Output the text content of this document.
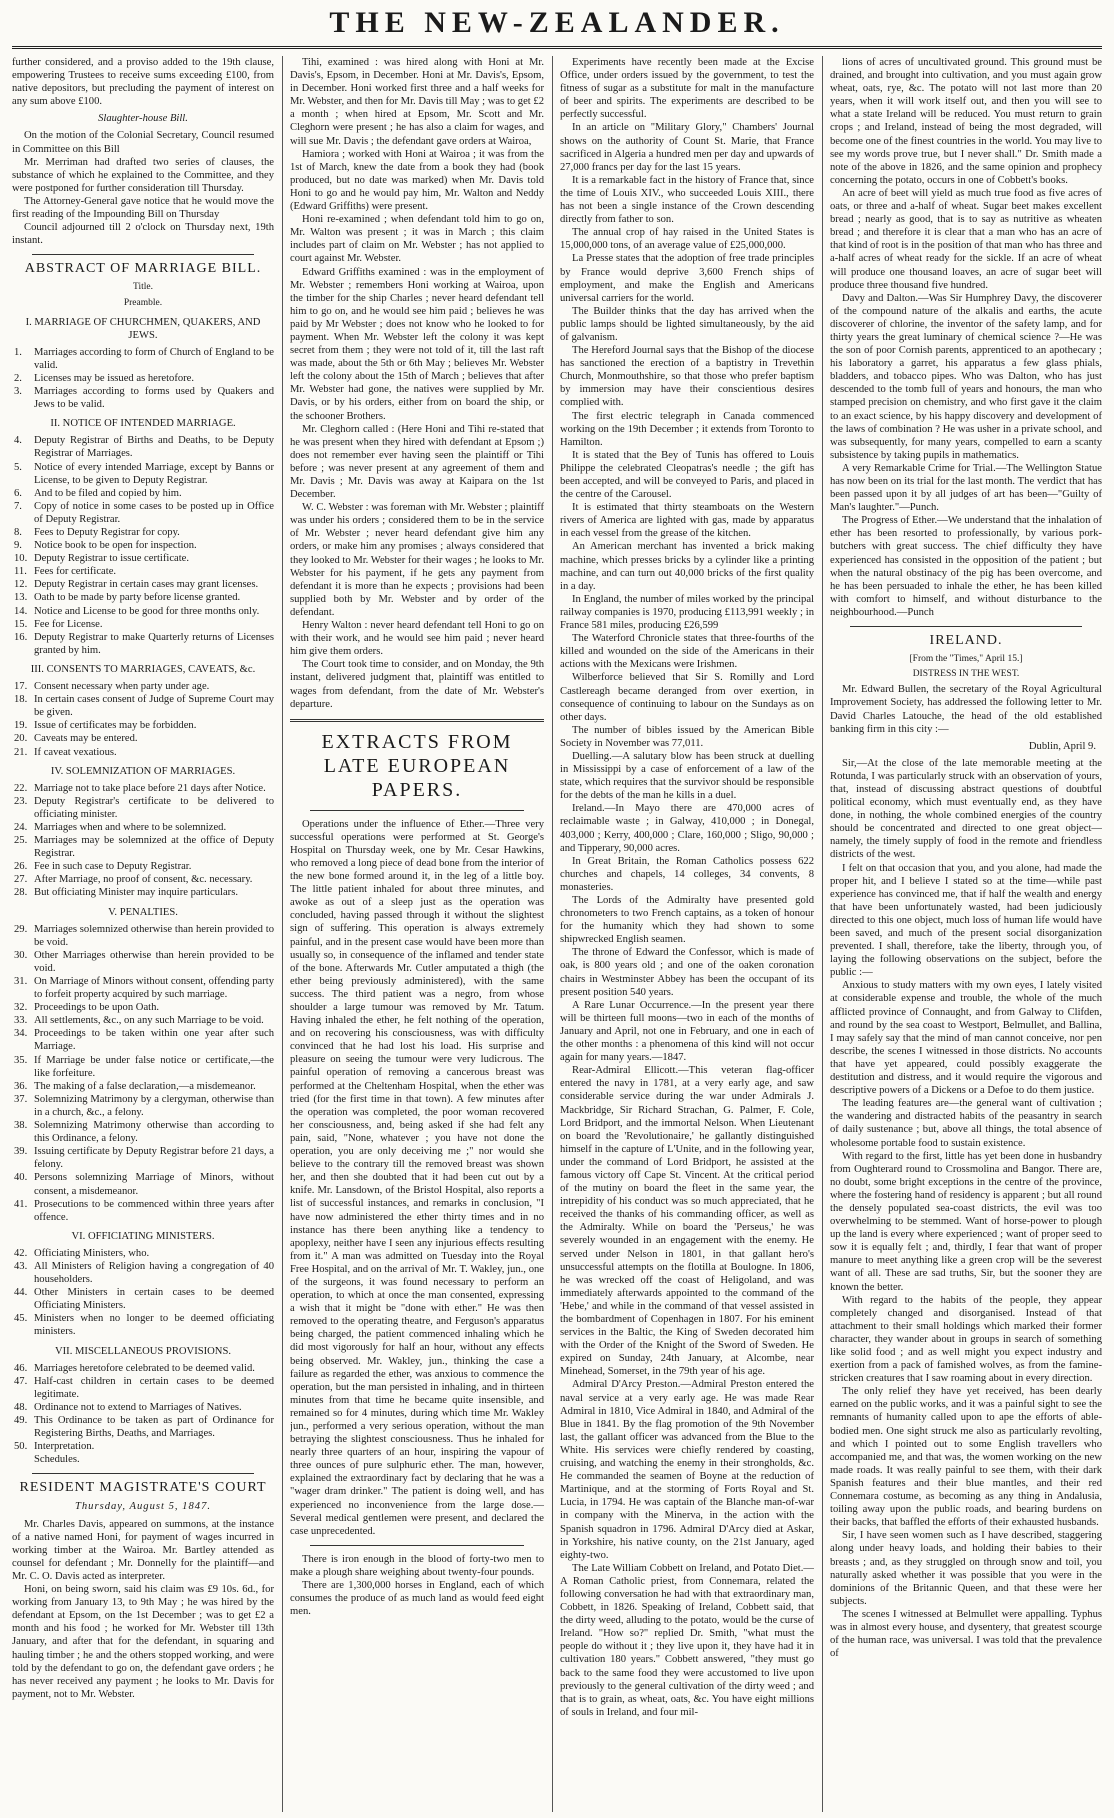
THE NEW-ZEALANDER.

further considered, and a proviso added to the 19th clause, empowering Trustees to receive sums exceeding £100, from native depositors, but precluding the payment of interest on any sum above £100.

Slaughter-house Bill.

On the motion of the Colonial Secretary, Council resumed in Committee on this Bill

Mr. Merriman had drafted two series of clauses, the substance of which he explained to the Committee, and they were postponed for further consideration till Thursday.

The Attorney-General gave notice that he would move the first reading of the Impounding Bill on Thursday

Council adjourned till 2 o'clock on Thursday next, 19th instant.

ABSTRACT OF MARRIAGE BILL.
Title.
Preamble.
I. MARRIAGE OF CHURCHMEN, QUAKERS, AND JEWS.
1.	Marriages according to form of Church of England to be valid.
2.	Licenses may be issued as heretofore.
3.	Marriages according to forms used by Quakers and Jews to be valid.
II. NOTICE OF INTENDED MARRIAGE.
4.	Deputy Registrar of Births and Deaths, to be Deputy Registrar of Marriages.
5.	Notice of every intended Marriage, except by Banns or License, to be given to Deputy Registrar.
6.	And to be filed and copied by him.
7.	Copy of notice in some cases to be posted up in Office of Deputy Registrar.
8.	Fees to Deputy Registrar for copy.
9.	Notice book to be open for inspection.
10. Deputy Registrar to issue certificate.
11. Fees for certificate.
12. Deputy Registrar in certain cases may grant licenses.
13. Oath to be made by party before license granted.
14. Notice and License to be good for three months only.
15. Fee for License.
16. Deputy Registrar to make Quarterly returns of Licenses granted by him.
III. CONSENTS TO MARRIAGES, CAVEATS, &c.
17. Consent necessary when party under age.
18. In certain cases consent of Judge of Supreme Court may be given.
19. Issue of certificates may be forbidden.
20. Caveats may be entered.
21. If caveat vexatious.
IV. SOLEMNIZATION OF MARRIAGES.
22. Marriage not to take place before 21 days after Notice.
23. Deputy Registrar's certificate to be delivered to officiating minister.
24. Marriages when and where to be solemnized.
25. Marriages may be solemnized at the office of Deputy Registrar.
26. Fee in such case to Deputy Registrar.
27. After Marriage, no proof of consent, &c. necessary.
28. But officiating Minister may inquire particulars.
V. PENALTIES.
29. Marriages solemnized otherwise than herein provided to be void.
30. Other Marriages otherwise than herein provided to be void.
31. On Marriage of Minors without consent, offending party to forfeit property acquired by such marriage.
32. Proceedings to be upon Oath.
33. All settlements, &c., on any such Marriage to be void.
34. Proceedings to be taken within one year after such Marriage.
35. If Marriage be under false notice or certificate,—the like forfeiture.
36. The making of a false declaration,—a misdemeanor.
37. Solemnizing Matrimony by a clergyman, otherwise than in a church, &c., a felony.
38. Solemnizing Matrimony otherwise than according to this Ordinance, a felony.
39. Issuing certificate by Deputy Registrar before 21 days, a felony.
40. Persons solemnizing Marriage of Minors, without consent, a misdemeanor.
41. Prosecutions to be commenced within three years after offence.
VI. OFFICIATING MINISTERS.
42. Officiating Ministers, who.
43. All Ministers of Religion having a congregation of 40 householders.
44. Other Ministers in certain cases to be deemed Officiating Ministers.
45. Ministers when no longer to be deemed officiating ministers.
VII. MISCELLANEOUS PROVISIONS.
46. Marriages heretofore celebrated to be deemed valid.
47. Half-cast children in certain cases to be deemed legitimate.
48. Ordinance not to extend to Marriages of Natives.
49. This Ordinance to be taken as part of Ordinance for Registering Births, Deaths, and Marriages.
50. Interpretation.
Schedules.
RESIDENT MAGISTRATE'S COURT
Thursday, August 5, 1847.

Mr. Charles Davis, appeared on summons, at the instance of a native named Honi, for payment of wages incurred in working timber at the Wairoa. Mr. Bartley attended as counsel for defendant ; Mr. Donnelly for the plaintiff—and Mr. C. O. Davis acted as interpreter.

Honi, on being sworn, said his claim was £9 10s. 6d., for working from January 13, to 9th May ; he was hired by the defendant at Epsom, on the 1st December ; was to get £2 a month and his food ; he worked for Mr. Webster till 13th January, and after that for the defendant, in squaring and hauling timber ; he and the others stopped working, and were told by the defendant to go on, the defendant gave orders ; he has never received any payment ; he looks to Mr. Davis for payment, not to Mr. Webster.

Tihi, examined : was hired along with Honi at Mr. Davis's, Epsom, in December. Honi at Mr. Davis's, Epsom, in December. Honi worked first three and a half weeks for Mr. Webster, and then for Mr. Davis till May ; was to get £2 a month ; when hired at Epsom, Mr. Scott and Mr. Cleghorn were present ; he has also a claim for wages, and will sue Mr. Davis ; the defendant gave orders at Wairoa,

Hamiora ; worked with Honi at Wairoa ; it was from the 1st of March, knew the date from a book they had (book produced, but no date was marked) when Mr. Davis told Honi to go and he would pay him, Mr. Walton and Neddy (Edward Griffiths) were present.

Honi re-examined ; when defendant told him to go on, Mr. Walton was present ; it was in March ; this claim includes part of claim on Mr. Webster ; has not applied to court against Mr. Webster.

Edward Griffiths examined : was in the employment of Mr. Webster ; remembers Honi working at Wairoa, upon the timber for the ship Charles ; never heard defendant tell him to go on, and he would see him paid ; believes he was paid by Mr Webster ; does not know who he looked to for payment. When Mr. Webster left the colony it was kept secret from them ; they were not told of it, till the last raft was made, about the 5th or 6th May ; believes Mr. Webster left the colony about the 15th of March ; believes that after Mr. Webster had gone, the natives were supplied by Mr. Davis, or by his orders, either from on board the ship, or the schooner Brothers.

Mr. Cleghorn called : (Here Honi and Tihi re-stated that he was present when they hired with defendant at Epsom ;) does not remember ever having seen the plaintiff or Tihi before ; was never present at any agreement of them and Mr. Davis ; Mr. Davis was away at Kaipara on the 1st December.

W. C. Webster : was foreman with Mr. Webster ; plaintiff was under his orders ; considered them to be in the service of Mr. Webster ; never heard defendant give him any orders, or make him any promises ; always considered that they looked to Mr. Webster for their wages ; he looks to Mr. Webster for his payment, if he gets any payment from defendant it is more than he expects ; provisions had been supplied both by Mr. Webster and by order of the defendant.

Henry Walton : never heard defendant tell Honi to go on with their work, and he would see him paid ; never heard him give them orders.

The Court took time to consider, and on Monday, the 9th instant, delivered judgment that, plaintiff was entitled to wages from defendant, from the date of Mr. Webster's departure.

EXTRACTS FROM LATE EUROPEAN PAPERS.

Operations under the influence of Ether.—Three very successful operations were performed at St. George's Hospital on Thursday week, one by Mr. Cesar Hawkins, who removed a long piece of dead bone from the interior of the new bone formed around it, in the leg of a little boy. The little patient inhaled for about three minutes, and awoke as out of a sleep just as the operation was concluded, having passed through it without the slightest sign of suffering. This operation is always extremely painful, and in the present case would have been more than usually so, in consequence of the inflamed and tender state of the bone. Afterwards Mr. Cutler amputated a thigh (the ether being previously administered), with the same success. The third patient was a negro, from whose shoulder a large tumour was removed by Mr. Tatum. Having inhaled the ether, he felt nothing of the operation, and on recovering his consciousness, was with difficulty convinced that he had lost his load. His surprise and pleasure on seeing the tumour were very ludicrous. The painful operation of removing a cancerous breast was performed at the Cheltenham Hospital, when the ether was tried (for the first time in that town). A few minutes after the operation was completed, the poor woman recovered her consciousness, and, being asked if she had felt any pain, said, "None, whatever ; you have not done the operation, you are only deceiving me ;" nor would she believe to the contrary till the removed breast was shown her, and then she doubted that it had been cut out by a knife. Mr. Lansdown, of the Bristol Hospital, also reports a list of successful instances, and remarks in conclusion, "I have now administered the ether thirty times and in no instance has there been anything like a tendency to apoplexy, neither have I seen any injurious effects resulting from it." A man was admitted on Tuesday into the Royal Free Hospital, and on the arrival of Mr. T. Wakley, jun., one of the surgeons, it was found necessary to perform an operation, to which at once the man consented, expressing a wish that it might be "done with ether." He was then removed to the operating theatre, and Ferguson's apparatus being charged, the patient commenced inhaling which he did most vigorously for half an hour, without any effects being observed. Mr. Wakley, jun., thinking the case a failure as regarded the ether, was anxious to commence the operation, but the man persisted in inhaling, and in thirteen minutes from that time he became quite insensible, and remained so for 4 minutes, during which time Mr. Wakley jun., performed a very serious operation, without the man betraying the slightest consciousness. Thus he inhaled for nearly three quarters of an hour, inspiring the vapour of three ounces of pure sulphuric ether. The man, however, explained the extraordinary fact by declaring that he was a "wager dram drinker." The patient is doing well, and has experienced no inconvenience from the large dose.—Several medical gentlemen were present, and declared the case unprecedented.

There is iron enough in the blood of forty-two men to make a plough share weighing about twenty-four pounds.

There are 1,300,000 horses in England, each of which consumes the produce of as much land as would feed eight men.

Experiments have recently been made at the Excise Office, under orders issued by the government, to test the fitness of sugar as a substitute for malt in the manufacture of beer and spirits. The experiments are described to be perfectly successful.

In an article on "Military Glory," Chambers' Journal shows on the authority of Count St. Marie, that France sacrificed in Algeria a hundred men per day and upwards of 27,000 francs per day for the last 15 years.

It is a remarkable fact in the history of France that, since the time of Louis XIV., who succeeded Louis XIII., there has not been a single instance of the Crown descending directly from father to son.

The annual crop of hay raised in the United States is 15,000,000 tons, of an average value of £25,000,000.

La Presse states that the adoption of free trade principles by France would deprive 3,600 French ships of employment, and make the English and Americans universal carriers for the world.

The Builder thinks that the day has arrived when the public lamps should be lighted simultaneously, by the aid of galvanism.

The Hereford Journal says that the Bishop of the diocese has sanctioned the erection of a baptistry in Trevethin Church, Monmouthshire, so that those who prefer baptism by immersion may have their conscientious desires complied with.

The first electric telegraph in Canada commenced working on the 19th December ; it extends from Toronto to Hamilton.

It is stated that the Bey of Tunis has offered to Louis Philippe the celebrated Cleopatras's needle ; the gift has been accepted, and will be conveyed to Paris, and placed in the centre of the Carousel.

It is estimated that thirty steamboats on the Western rivers of America are lighted with gas, made by apparatus in each vessel from the grease of the kitchen.

An American merchant has invented a brick making machine, which presses bricks by a cylinder like a printing machine, and can turn out 40,000 bricks of the first quality in a day.

In England, the number of miles worked by the principal railway companies is 1970, producing £113,991 weekly ; in France 581 miles, producing £26,599

The Waterford Chronicle states that three-fourths of the killed and wounded on the side of the Americans in their actions with the Mexicans were Irishmen.

Wilberforce believed that Sir S. Romilly and Lord Castlereagh became deranged from over exertion, in consequence of continuing to labour on the Sundays as on other days.

The number of bibles issued by the American Bible Society in November was 77,011.

Duelling.—A salutary blow has been struck at duelling in Mississippi by a case of enforcement of a law of the state, which requires that the survivor should be responsible for the debts of the man he kills in a duel.

Ireland.—In Mayo there are 470,000 acres of reclaimable waste ; in Galway, 410,000 ; in Donegal, 403,000 ; Kerry, 400,000 ; Clare, 160,000 ; Sligo, 90,000 ; and Tipperary, 90,000 acres.

In Great Britain, the Roman Catholics possess 622 churches and chapels, 14 colleges, 34 convents, 8 monasteries.

The Lords of the Admiralty have presented gold chronometers to two French captains, as a token of honour for the humanity which they had shown to some shipwrecked English seamen.

The throne of Edward the Confessor, which is made of oak, is 800 years old ; and one of the oaken coronation chairs in Westminster Abbey has been the occupant of its present position 540 years.

A Rare Lunar Occurrence.—In the present year there will be thirteen full moons—two in each of the months of January and April, not one in February, and one in each of the other months : a phenomena of this kind will not occur again for many years.—1847.

Rear-Admiral Ellicott.—This veteran flag-officer entered the navy in 1781, at a very early age, and saw considerable service during the war under Admirals J. Mackbridge, Sir Richard Strachan, G. Palmer, F. Cole, Lord Bridport, and the immortal Nelson. When Lieutenant on board the 'Revolutionaire,' he gallantly distinguished himself in the capture of L'Unite, and in the following year, under the command of Lord Bridport, he assisted at the famous victory off Cape St. Vincent. At the critical period of the mutiny on board the fleet in the same year, the intrepidity of his conduct was so much appreciated, that he received the thanks of his commanding officer, as well as the Admiralty. While on board the 'Perseus,' he was severely wounded in an engagement with the enemy. He served under Nelson in 1801, in that gallant hero's unsuccessful attempts on the flotilla at Boulogne. In 1806, he was wrecked off the coast of Heligoland, and was immediately afterwards appointed to the command of the 'Hebe,' and while in the command of that vessel assisted in the bombardment of Copenhagen in 1807. For his eminent services in the Baltic, the King of Sweden decorated him with the Order of the Knight of the Sword of Sweden. He expired on Sunday, 24th January, at Alcombe, near Minehead, Somerset, in the 79th year of his age.

Admiral D'Arcy Preston.—Admiral Preston entered the naval service at a very early age. He was made Rear Admiral in 1810, Vice Admiral in 1840, and Admiral of the Blue in 1841. By the flag promotion of the 9th November last, the gallant officer was advanced from the Blue to the White. His services were chiefly rendered by coasting, cruising, and watching the enemy in their strongholds, &c. He commanded the seamen of Boyne at the reduction of Martinique, and at the storming of Forts Royal and St. Lucia, in 1794. He was captain of the Blanche man-of-war in company with the Minerva, in the action with the Spanish squadron in 1796. Admiral D'Arcy died at Askar, in Yorkshire, his native county, on the 21st January, aged eighty-two.

The Late William Cobbett on Ireland, and Potato Diet.—A Roman Catholic priest, from Connemara, related the following conversation he had with that extraordinary man, Cobbett, in 1826. Speaking of Ireland, Cobbett said, that the dirty weed, alluding to the potato, would be the curse of Ireland. "How so?" replied Dr. Smith, "what must the people do without it ; they live upon it, they have had it in cultivation 180 years." Cobbett answered, "they must go back to the same food they were accustomed to live upon previously to the general cultivation of the dirty weed ; and that is to grain, as wheat, oats, &c. You have eight millions of souls in Ireland, and four mil-

lions of acres of uncultivated ground. This ground must be drained, and brought into cultivation, and you must again grow wheat, oats, rye, &c. The potato will not last more than 20 years, when it will work itself out, and then you will see to what a state Ireland will be reduced. You must return to grain crops ; and Ireland, instead of being the most degraded, will become one of the finest countries in the world. You may live to see my words prove true, but I never shall." Dr. Smith made a note of the above in 1826, and the same opinion and prophecy concerning the potato, occurs in one of Cobbett's books.

An acre of beet will yield as much true food as five acres of oats, or three and a-half of wheat. Sugar beet makes excellent bread ; nearly as good, that is to say as nutritive as wheaten bread ; and therefore it is clear that a man who has an acre of that kind of root is in the position of that man who has three and a-half acres of wheat ready for the sickle. If an acre of wheat will produce one thousand loaves, an acre of sugar beet will produce three thousand five hundred.

Davy and Dalton.—Was Sir Humphrey Davy, the discoverer of the compound nature of the alkalis and earths, the acute discoverer of chlorine, the inventor of the safety lamp, and for thirty years the great luminary of chemical science ?—He was the son of poor Cornish parents, apprenticed to an apothecary ; his laboratory a garret, his apparatus a few glass phials, bladders, and tobacco pipes. Who was Dalton, who has just descended to the tomb full of years and honours, the man who stamped precision on chemistry, and who first gave it the claim to an exact science, by his happy discovery and development of the laws of combination ? He was usher in a private school, and was subsequently, for many years, compelled to earn a scanty subsistence by taking pupils in mathematics.

A very Remarkable Crime for Trial.—The Wellington Statue has now been on its trial for the last month. The verdict that has been passed upon it by all judges of art has been—"Guilty of Man's laughter."—Punch.

The Progress of Ether.—We understand that the inhalation of ether has been resorted to professionally, by various pork-butchers with great success. The chief difficulty they have experienced has consisted in the opposition of the patient ; but when the natural obstinacy of the pig has been overcome, and he has been persuaded to inhale the ether, he has been killed with comfort to himself, and without disturbance to the neighbourhood.—Punch

IRELAND.
[From the "Times," April 15.]
DISTRESS IN THE WEST.

Mr. Edward Bullen, the secretary of the Royal Agricultural Improvement Society, has addressed the following letter to Mr. David Charles Latouche, the head of the old established banking firm in this city :—

Dublin, April 9.

Sir,—At the close of the late memorable meeting at the Rotunda, I was particularly struck with an observation of yours, that, instead of discussing abstract questions of doubtful political economy, which must eventually end, as they have done, in nothing, the whole combined energies of the country should be concentrated and directed to one great object—namely, the timely supply of food in the remote and friendless districts of the west.

I felt on that occasion that you, and you alone, had made the proper hit, and I believe I stated so at the time—while past experience has convinced me, that if half the wealth and energy that have been unfortunately wasted, had been judiciously directed to this one object, much loss of human life would have been saved, and much of the present social disorganization prevented. I shall, therefore, take the liberty, through you, of laying the following observations on the subject, before the public :—

Anxious to study matters with my own eyes, I lately visited at considerable expense and trouble, the whole of the much afflicted province of Connaught, and from Galway to Clifden, and round by the sea coast to Westport, Belmullet, and Ballina, I may safely say that the mind of man cannot conceive, nor pen describe, the scenes I witnessed in those districts. No accounts that have yet appeared, could possibly exaggerate the destitution and distress, and it would require the vigorous and descriptive powers of a Dickens or a Defoe to do them justice.

The leading features are—the general want of cultivation ; the wandering and distracted habits of the peasantry in search of daily sustenance ; but, above all things, the total absence of wholesome portable food to sustain existence.

With regard to the first, little has yet been done in husbandry from Oughterard round to Crossmolina and Bangor. There are, no doubt, some bright exceptions in the centre of the province, where the fostering hand of residency is apparent ; but all round the densely populated sea-coast districts, the evil was too overwhelming to be stemmed. Want of horse-power to plough up the land is every where experienced ; want of proper seed to sow it is equally felt ; and, thirdly, I fear that want of proper manure to meet anything like a green crop will be the severest want of all. These are sad truths, Sir, but the sooner they are known the better.

With regard to the habits of the people, they appear completely changed and disorganised. Instead of that attachment to their small holdings which marked their former character, they wander about in groups in search of something like solid food ; and as well might you expect industry and exertion from a pack of famished wolves, as from the famine-stricken creatures that I saw roaming about in every direction.

The only relief they have yet received, has been dearly earned on the public works, and it was a painful sight to see the remnants of humanity called upon to ape the efforts of able-bodied men. One sight struck me also as particularly revolting, and which I pointed out to some English travellers who accompanied me, and that was, the women working on the new made roads. It was really painful to see them, with their dark Spanish features and their blue mantles, and their red Connemara costume, as becoming as any thing in Andalusia, toiling away upon the public roads, and bearing burdens on their backs, that baffled the efforts of their exhausted husbands.

Sir, I have seen women such as I have described, staggering along under heavy loads, and holding their babies to their breasts ; and, as they struggled on through snow and toil, you naturally asked whether it was possible that you were in the dominions of the Britannic Queen, and that these were her subjects.

The scenes I witnessed at Belmullet were appalling. Typhus was in almost every house, and dysentery, that greatest scourge of the human race, was universal. I was told that the prevalence of
